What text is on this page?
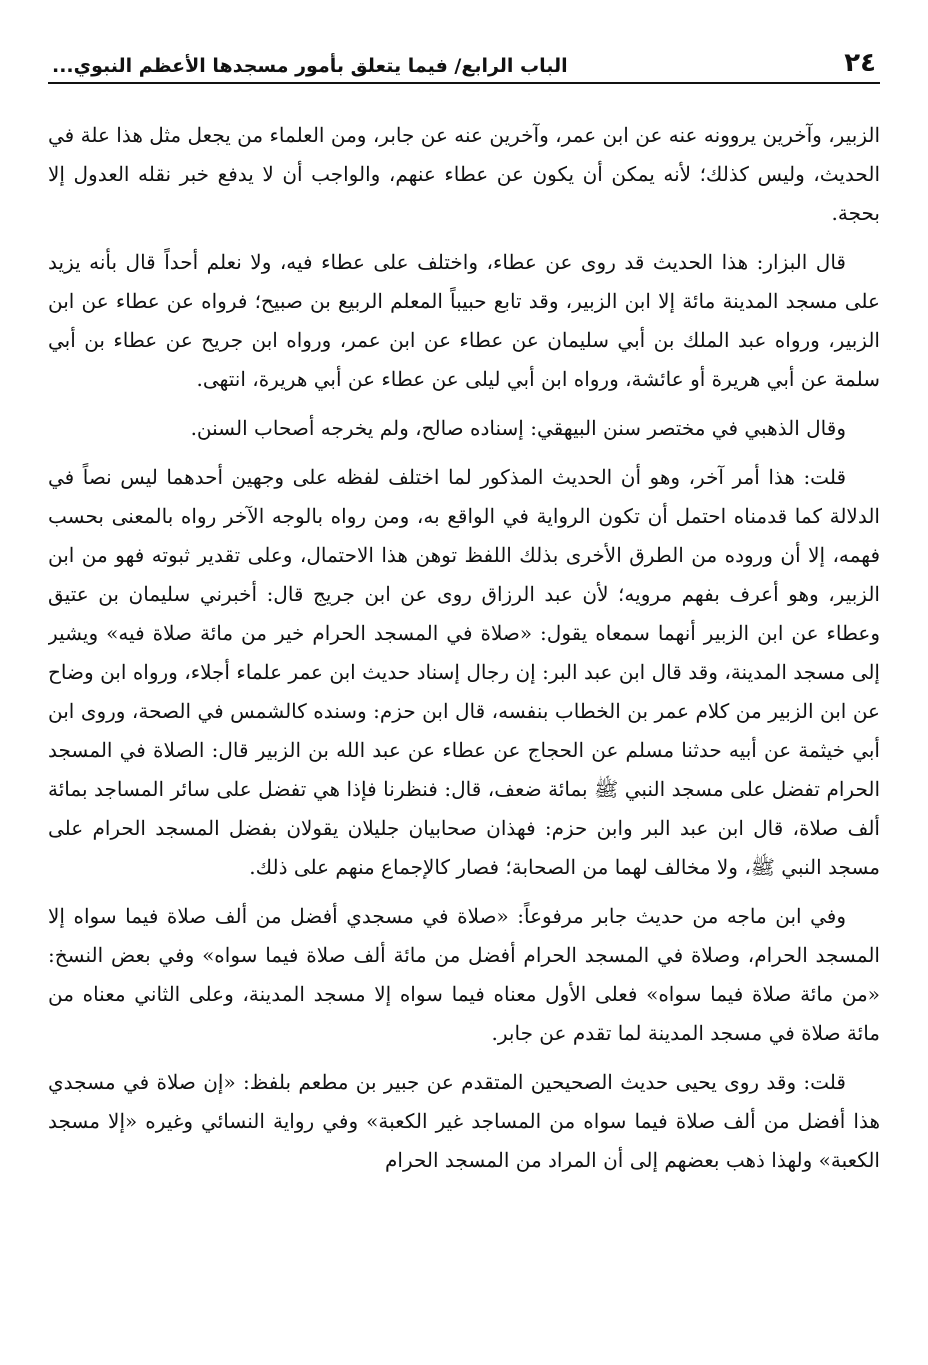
٢٤
الباب الرابع/ فيما يتعلق بأمور مسجدها الأعظم النبوي...

الزبير، وآخرين يروونه عنه عن ابن عمر، وآخرين عنه عن جابر، ومن العلماء من يجعل مثل هذا علة في الحديث، وليس كذلك؛ لأنه يمكن أن يكون عن عطاء عنهم، والواجب أن لا يدفع خبر نقله العدول إلا بحجة.

قال البزار: هذا الحديث قد روى عن عطاء، واختلف على عطاء فيه، ولا نعلم أحداً قال بأنه يزيد على مسجد المدينة مائة إلا ابن الزبير، وقد تابع حبيباً المعلم الربيع بن صبيح؛ فرواه عن عطاء عن ابن الزبير، ورواه عبد الملك بن أبي سليمان عن عطاء عن ابن عمر، ورواه ابن جريح عن عطاء بن أبي سلمة عن أبي هريرة أو عائشة، ورواه ابن أبي ليلى عن عطاء عن أبي هريرة، انتهى.

وقال الذهبي في مختصر سنن البيهقي: إسناده صالح، ولم يخرجه أصحاب السنن.

قلت: هذا أمر آخر، وهو أن الحديث المذكور لما اختلف لفظه على وجهين أحدهما ليس نصاً في الدلالة كما قدمناه احتمل أن تكون الرواية في الواقع به، ومن رواه بالوجه الآخر رواه بالمعنى بحسب فهمه، إلا أن وروده من الطرق الأخرى بذلك اللفظ توهن هذا الاحتمال، وعلى تقدير ثبوته فهو من ابن الزبير، وهو أعرف بفهم مرويه؛ لأن عبد الرزاق روى عن ابن جريج قال: أخبرني سليمان بن عتيق وعطاء عن ابن الزبير أنهما سمعاه يقول: «صلاة في المسجد الحرام خير من مائة صلاة فيه» ويشير إلى مسجد المدينة، وقد قال ابن عبد البر: إن رجال إسناد حديث ابن عمر علماء أجلاء، ورواه ابن وضاح عن ابن الزبير من كلام عمر بن الخطاب بنفسه، قال ابن حزم: وسنده كالشمس في الصحة، وروى ابن أبي خيثمة عن أبيه حدثنا مسلم عن الحجاج عن عطاء عن عبد الله بن الزبير قال: الصلاة في المسجد الحرام تفضل على مسجد النبي ﷺ بمائة ضعف، قال: فنظرنا فإذا هي تفضل على سائر المساجد بمائة ألف صلاة، قال ابن عبد البر وابن حزم: فهذان صحابيان جليلان يقولان بفضل المسجد الحرام على مسجد النبي ﷺ، ولا مخالف لهما من الصحابة؛ فصار كالإجماع منهم على ذلك.

وفي ابن ماجه من حديث جابر مرفوعاً: «صلاة في مسجدي أفضل من ألف صلاة فيما سواه إلا المسجد الحرام، وصلاة في المسجد الحرام أفضل من مائة ألف صلاة فيما سواه» وفي بعض النسخ: «من مائة صلاة فيما سواه» فعلى الأول معناه فيما سواه إلا مسجد المدينة، وعلى الثاني معناه من مائة صلاة في مسجد المدينة لما تقدم عن جابر.

قلت: وقد روى يحيى حديث الصحيحين المتقدم عن جبير بن مطعم بلفظ: «إن صلاة في مسجدي هذا أفضل من ألف صلاة فيما سواه من المساجد غير الكعبة» وفي رواية النسائي وغيره «إلا مسجد الكعبة» ولهذا ذهب بعضهم إلى أن المراد من المسجد الحرام
